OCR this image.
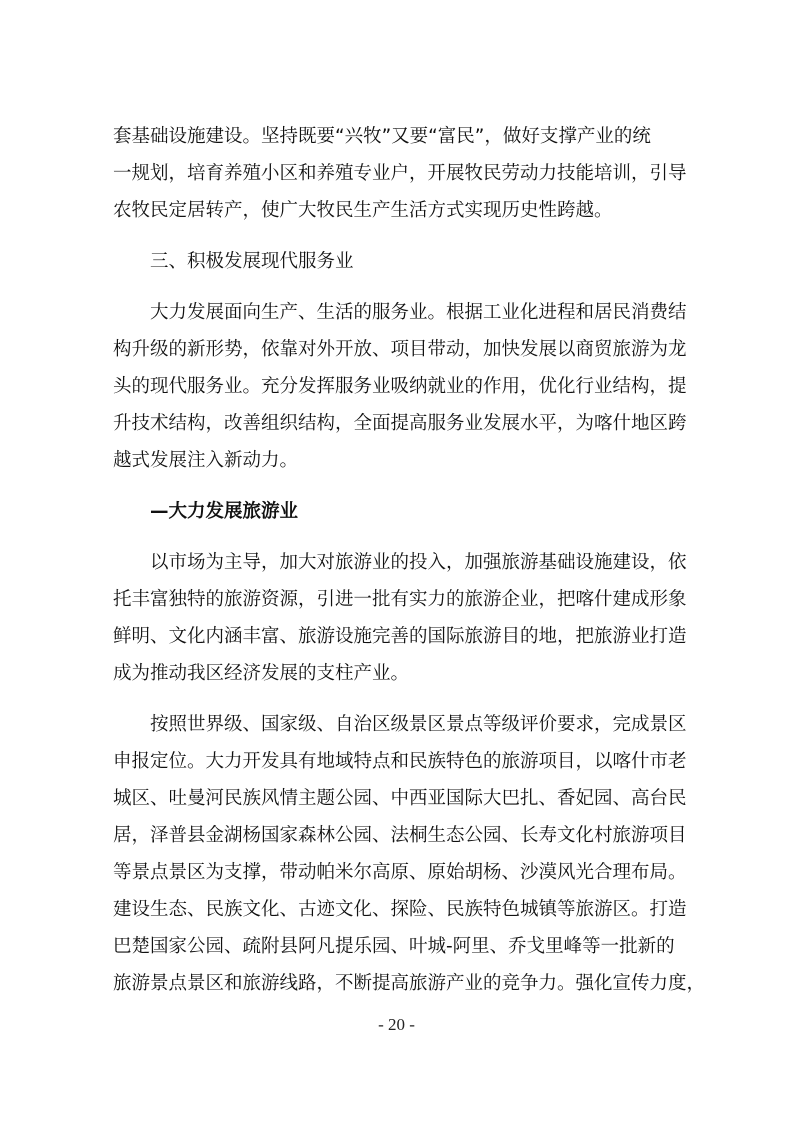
套基础设施建设。坚持既要“兴牧”又要“富民”，做好支撑产业的统
一规划，培育养殖小区和养殖专业户，开展牧民劳动力技能培训，引导
农牧民定居转产，使广大牧民生产生活方式实现历史性跨越。
三、积极发展现代服务业
大力发展面向生产、生活的服务业。根据工业化进程和居民消费结
构升级的新形势，依靠对外开放、项目带动，加快发展以商贸旅游为龙
头的现代服务业。充分发挥服务业吸纳就业的作用，优化行业结构，提
升技术结构，改善组织结构，全面提高服务业发展水平，为喀什地区跨
越式发展注入新动力。
—大力发展旅游业
以市场为主导，加大对旅游业的投入，加强旅游基础设施建设，依
托丰富独特的旅游资源，引进一批有实力的旅游企业，把喀什建成形象
鲜明、文化内涵丰富、旅游设施完善的国际旅游目的地，把旅游业打造
成为推动我区经济发展的支柱产业。
按照世界级、国家级、自治区级景区景点等级评价要求，完成景区
申报定位。大力开发具有地域特点和民族特色的旅游项目，以喀什市老
城区、吐曼河民族风情主题公园、中西亚国际大巴扎、香妃园、高台民
居，泽普县金湖杨国家森林公园、法桐生态公园、长寿文化村旅游项目
等景点景区为支撑，带动帕米尔高原、原始胡杨、沙漠风光合理布局。
建设生态、民族文化、古迹文化、探险、民族特色城镇等旅游区。打造
巴楚国家公园、疏附县阿凡提乐园、叶城-阿里、乔戈里峰等一批新的
旅游景点景区和旅游线路，不断提高旅游产业的竞争力。强化宣传力度，
- 20 -
